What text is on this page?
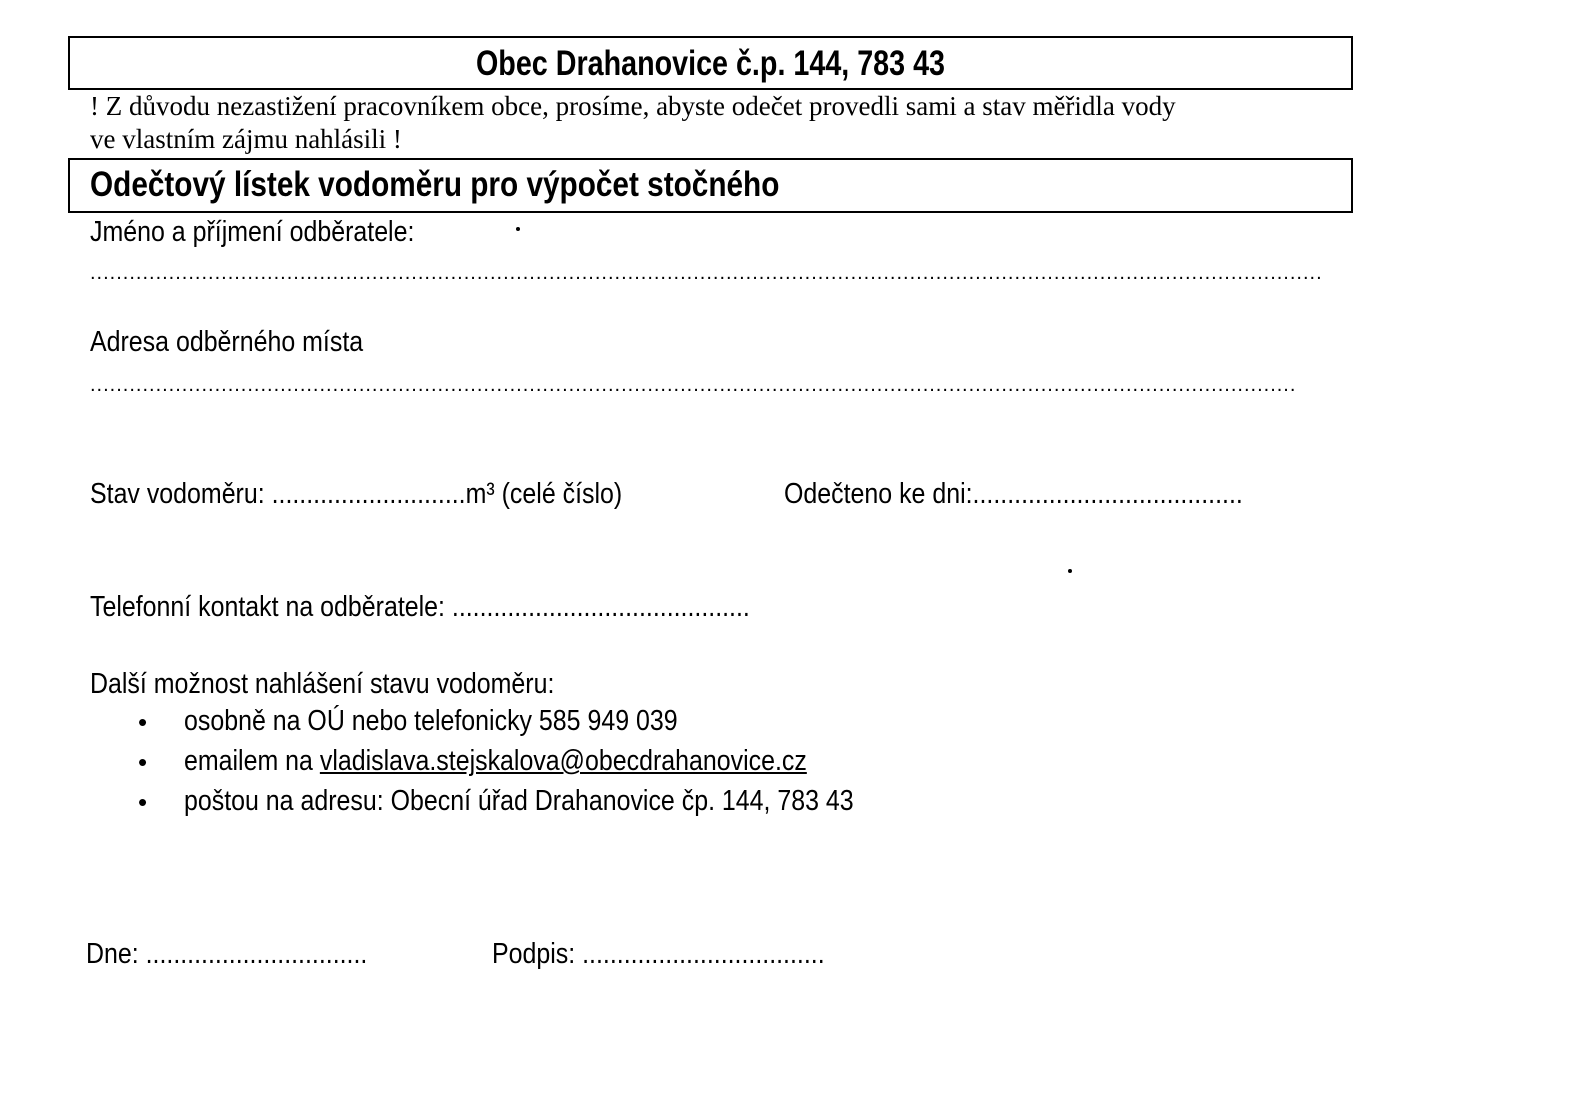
Obec Drahanovice č.p. 144, 783 43
! Z důvodu nezastižení pracovníkem obce, prosíme, abyste odečet provedli sami a stav měřidla vody
ve vlastním zájmu nahlásili !
Odečtový lístek vodoměru pro výpočet stočného
Jméno a příjmení odběratele:
............................................................................................................................................................................................
Adresa odběrného místa
........................................................................................................................................................................................
Stav vodoměru: ............................m³ (celé číslo)	Odečteno ke dni:.......................................
Telefonní kontakt na odběratele: ...........................................
Další možnost nahlášení stavu vodoměru:
• osobně na OÚ nebo telefonicky 585 949 039
• emailem na vladislava.stejskalova@obecdrahanovice.cz
• poštou na adresu: Obecní úřad Drahanovice čp. 144, 783 43
Dne: ................................	Podpis: ...................................
